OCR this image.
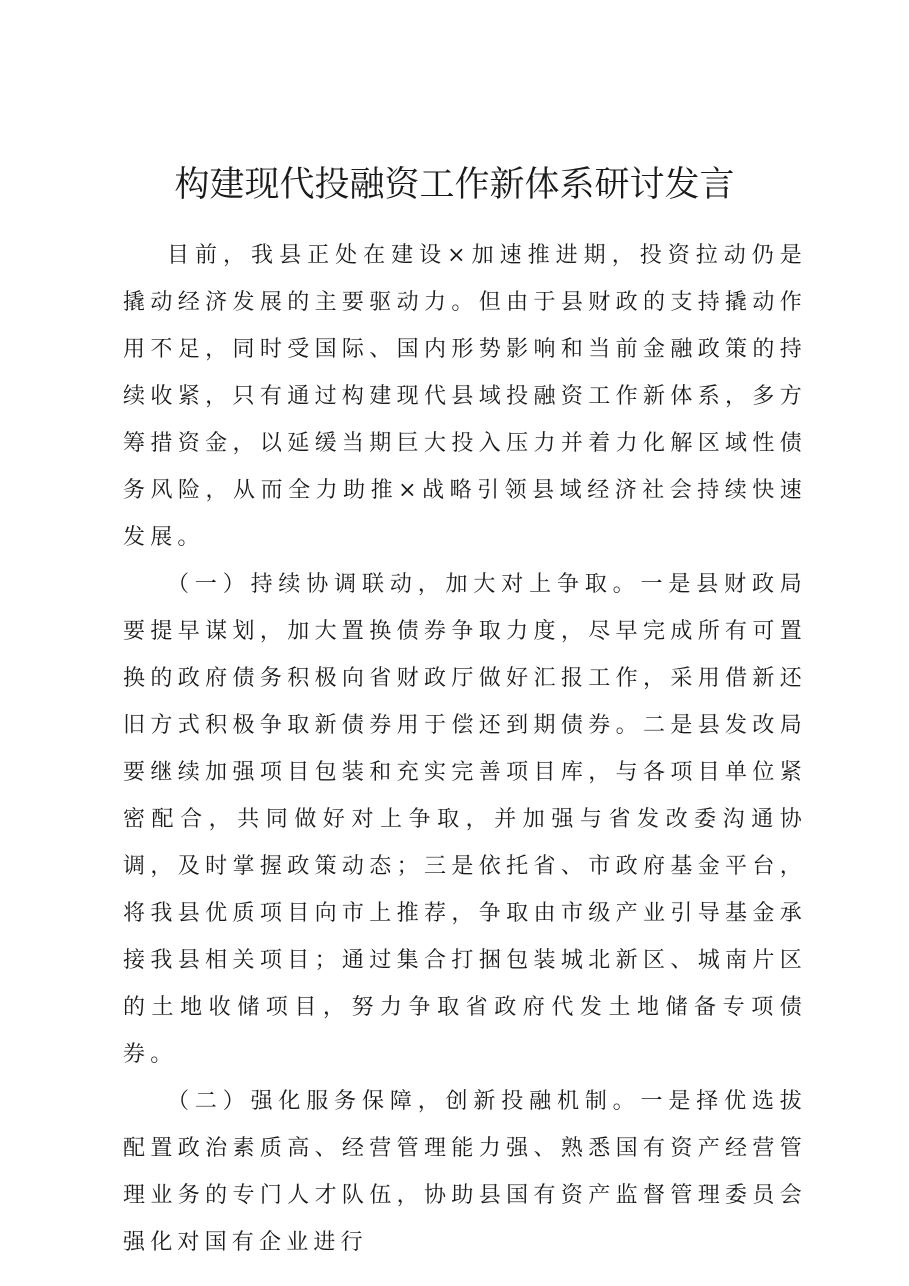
构建现代投融资工作新体系研讨发言

目前，我县正处在建设×加速推进期，投资拉动仍是撬动经济发展的主要驱动力。但由于县财政的支持撬动作用不足，同时受国际、国内形势影响和当前金融政策的持续收紧，只有通过构建现代县域投融资工作新体系，多方筹措资金，以延缓当期巨大投入压力并着力化解区域性债务风险，从而全力助推×战略引领县域经济社会持续快速发展。

（一）持续协调联动，加大对上争取。一是县财政局要提早谋划，加大置换债券争取力度，尽早完成所有可置换的政府债务积极向省财政厅做好汇报工作，采用借新还旧方式积极争取新债券用于偿还到期债券。二是县发改局要继续加强项目包装和充实完善项目库，与各项目单位紧密配合，共同做好对上争取，并加强与省发改委沟通协调，及时掌握政策动态；三是依托省、市政府基金平台，将我县优质项目向市上推荐，争取由市级产业引导基金承接我县相关项目；通过集合打捆包装城北新区、城南片区的土地收储项目，努力争取省政府代发土地储备专项债券。

（二）强化服务保障，创新投融机制。一是择优选拔配置政治素质高、经营管理能力强、熟悉国有资产经营管理业务的专门人才队伍，协助县国有资产监督管理委员会强化对国有企业进行
